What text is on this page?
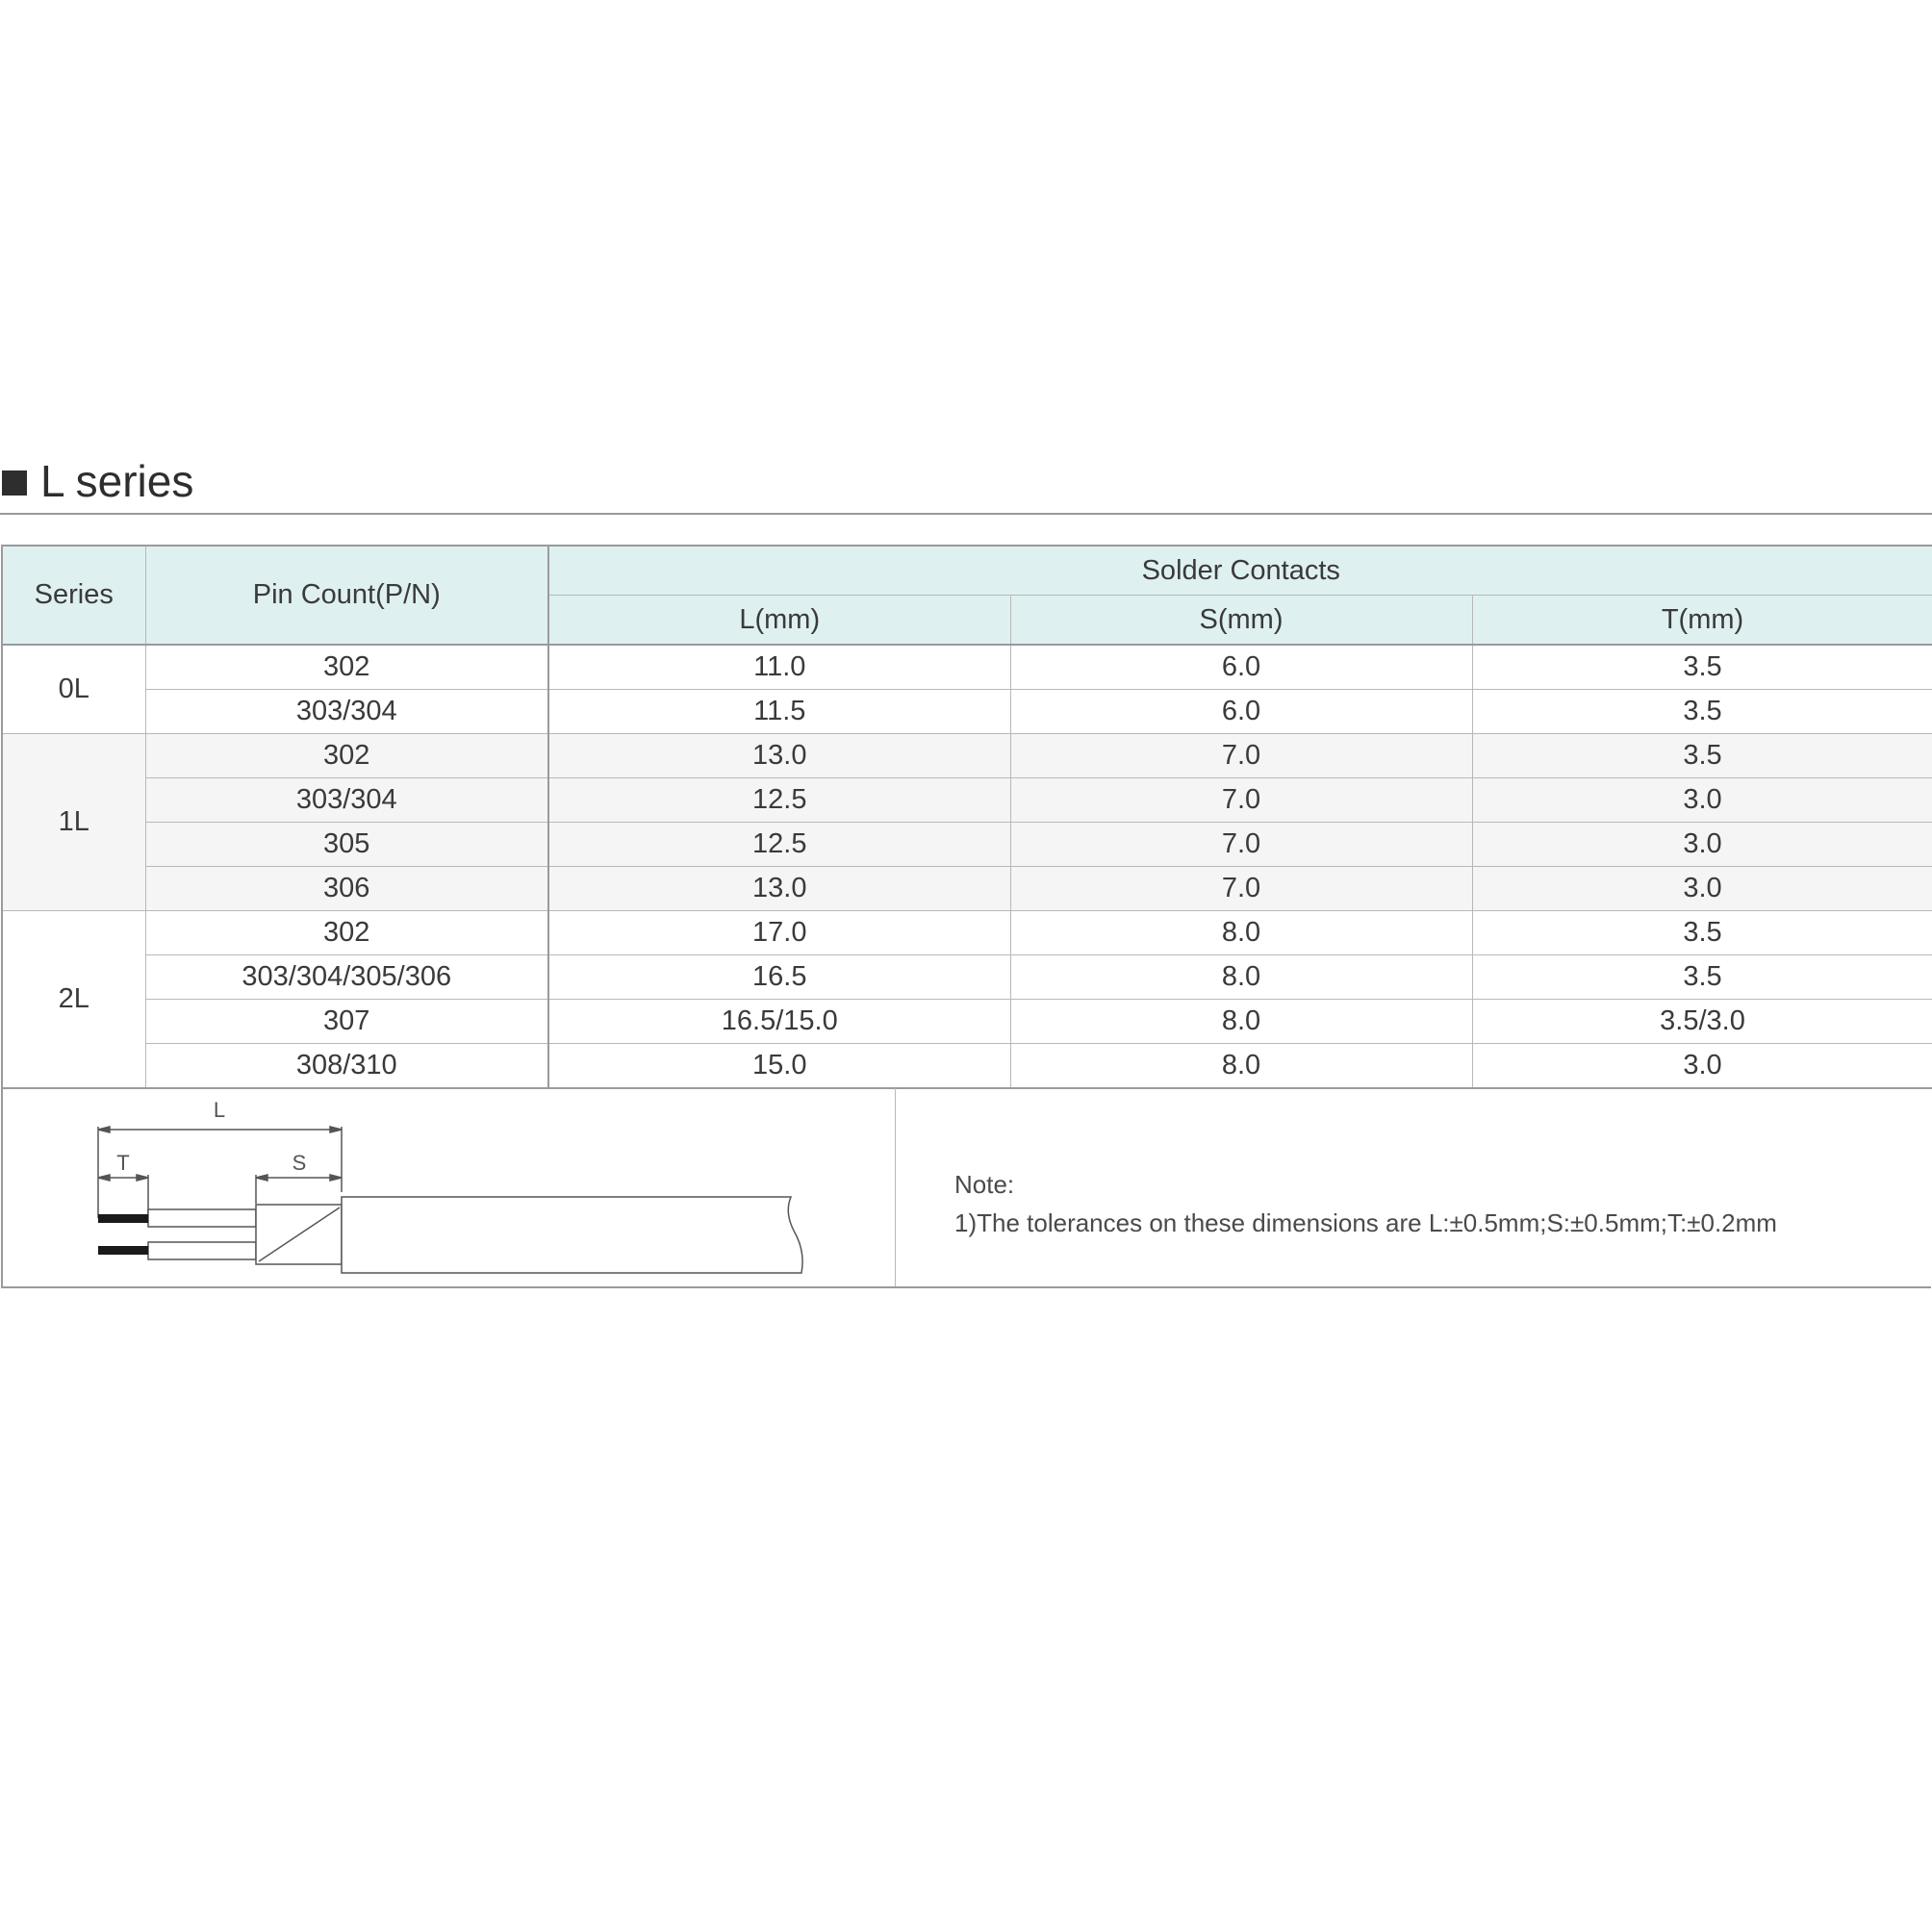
L series
Series	Pin Count(P/N)	Solder Contacts		
		L(mm)	S(mm)	T(mm)
0L	302	11.0	6.0	3.5
	303/304	11.5	6.0	3.5
1L	302	13.0	7.0	3.5
	303/304	12.5	7.0	3.0
	305	12.5	7.0	3.0
	306	13.0	7.0	3.0
2L	302	17.0	8.0	3.5
	303/304/305/306	16.5	8.0	3.5
	307	16.5/15.0	8.0	3.5/3.0
	308/310	15.0	8.0	3.0
L
T	S
Note:
1)The tolerances on these dimensions are L:±0.5mm;S:±0.5mm;T:±0.2mm
